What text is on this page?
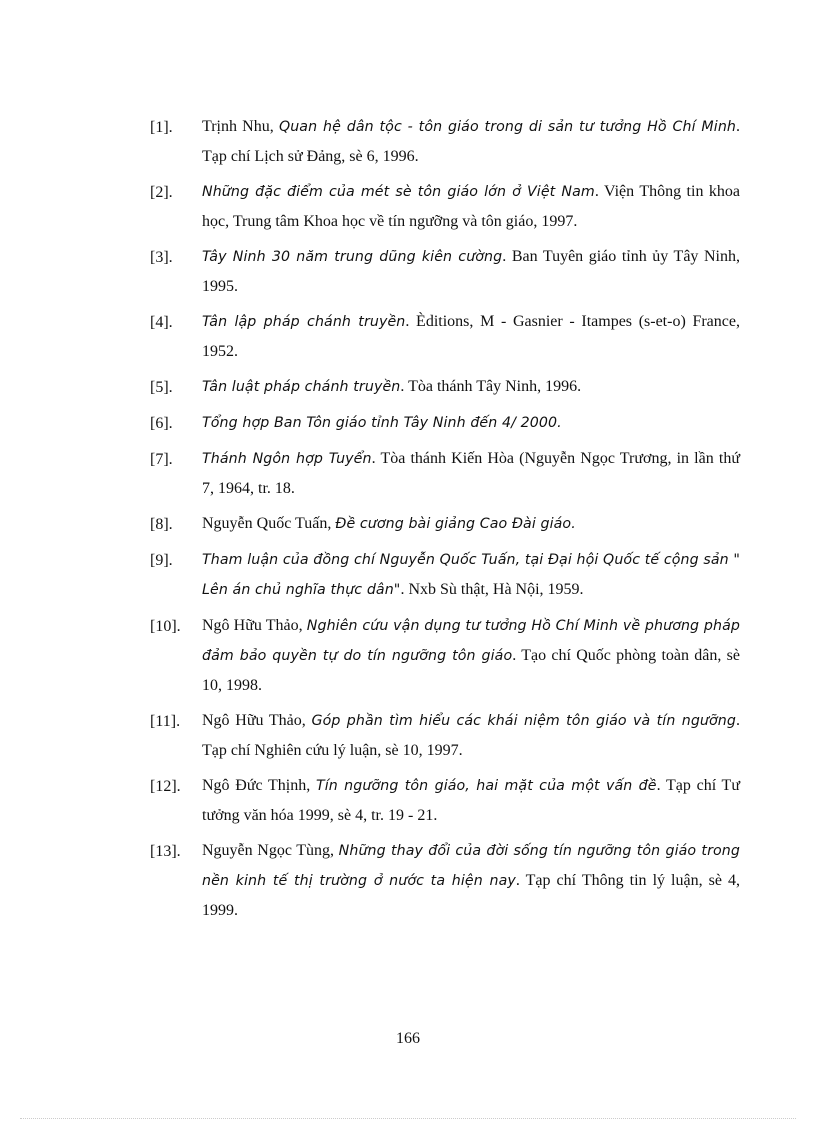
[1].	Trịnh Nhu, Quan hệ dân tộc - tôn giáo trong di sản tư tưởng Hồ Chí Minh. Tạp chí Lịch sử Đảng, sè 6, 1996.
[2].	Những đặc điểm của mét sè tôn giáo lớn ở Việt Nam. Viện Thông tin khoa học, Trung tâm Khoa học về tín ngưỡng và tôn giáo, 1997.
[3].	Tây Ninh 30 năm trung dũng kiên cường. Ban Tuyên giáo tỉnh ủy Tây Ninh, 1995.
[4].	Tân lập pháp chánh truyền. Èditions, M - Gasnier - Itampes (s-et-o) France, 1952.
[5].	Tân luật pháp chánh truyền. Tòa thánh Tây Ninh, 1996.
[6].	Tổng hợp Ban Tôn giáo tỉnh Tây Ninh đến 4/ 2000.
[7].	Thánh Ngôn hợp Tuyển. Tòa thánh Kiến Hòa (Nguyễn Ngọc Trương, in lần thứ 7, 1964, tr. 18.
[8].	Nguyễn Quốc Tuấn, Đề cương bài giảng Cao Đài giáo.
[9].	Tham luận của đồng chí Nguyễn Quốc Tuấn, tại Đại hội Quốc tế cộng sản " Lên án chủ nghĩa thực dân". Nxb Sù thật, Hà Nội, 1959.
[10].	Ngô Hữu Thảo, Nghiên cứu vận dụng tư tưởng Hồ Chí Minh về phương pháp đảm bảo quyền tự do tín ngưỡng tôn giáo. Tạo chí Quốc phòng toàn dân, sè 10, 1998.
[11].	Ngô Hữu Thảo, Góp phần tìm hiểu các khái niệm tôn giáo và tín ngưỡng. Tạp chí Nghiên cứu lý luận, sè 10, 1997.
[12].	Ngô Đức Thịnh, Tín ngưỡng tôn giáo, hai mặt của một vấn đề. Tạp chí Tư tưởng văn hóa 1999, sè 4, tr. 19 - 21.
[13].	Nguyễn Ngọc Tùng, Những thay đổi của đời sống tín ngưỡng tôn giáo trong nền kinh tế thị trường ở nước ta hiện nay. Tạp chí Thông tin lý luận, sè 4, 1999.
166
